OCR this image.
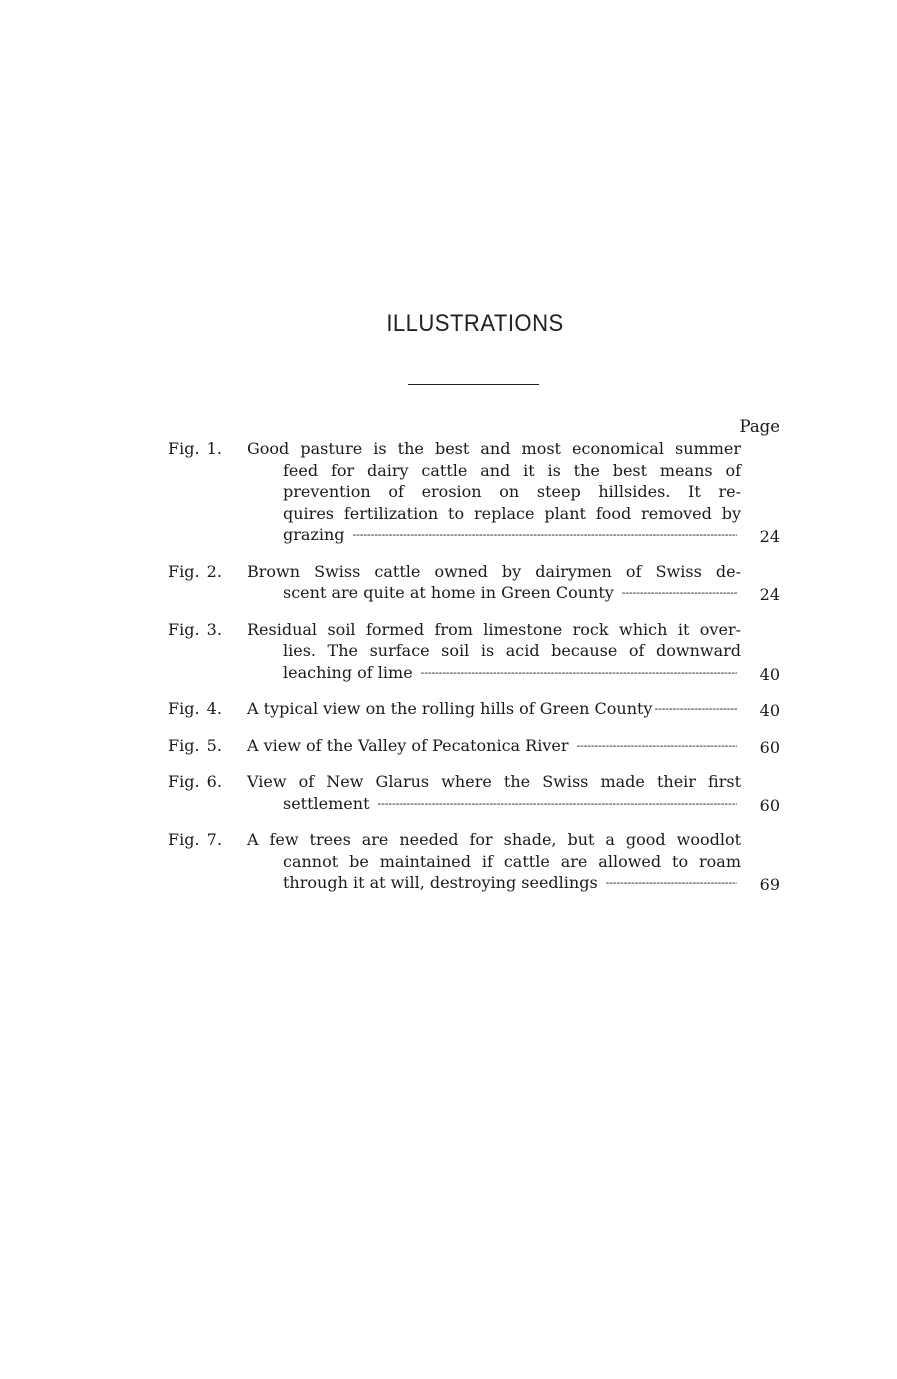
ILLUSTRATIONS
Page
Fig. 1.	Good pasture is the best and most economical summer
feed for dairy cattle and it is the best means of
prevention of erosion on steep hillsides. It re-
quires fertilization to replace plant food removed by
grazing - - -	24
Fig. 2.	Brown Swiss cattle owned by dairymen of Swiss de-
scent are quite at home in Green County - - -	24
Fig. 3.	Residual soil formed from limestone rock which it over-
lies. The surface soil is acid because of downward
leaching of lime - - -	40
Fig. 4.	A typical view on the rolling hills of Green County - - -	40
Fig. 5.	A view of the Valley of Pecatonica River - - -	60
Fig. 6.	View of New Glarus where the Swiss made their first
settlement - - -	60
Fig. 7.	A few trees are needed for shade, but a good woodlot
cannot be maintained if cattle are allowed to roam
through it at will, destroying seedlings - - -	69
